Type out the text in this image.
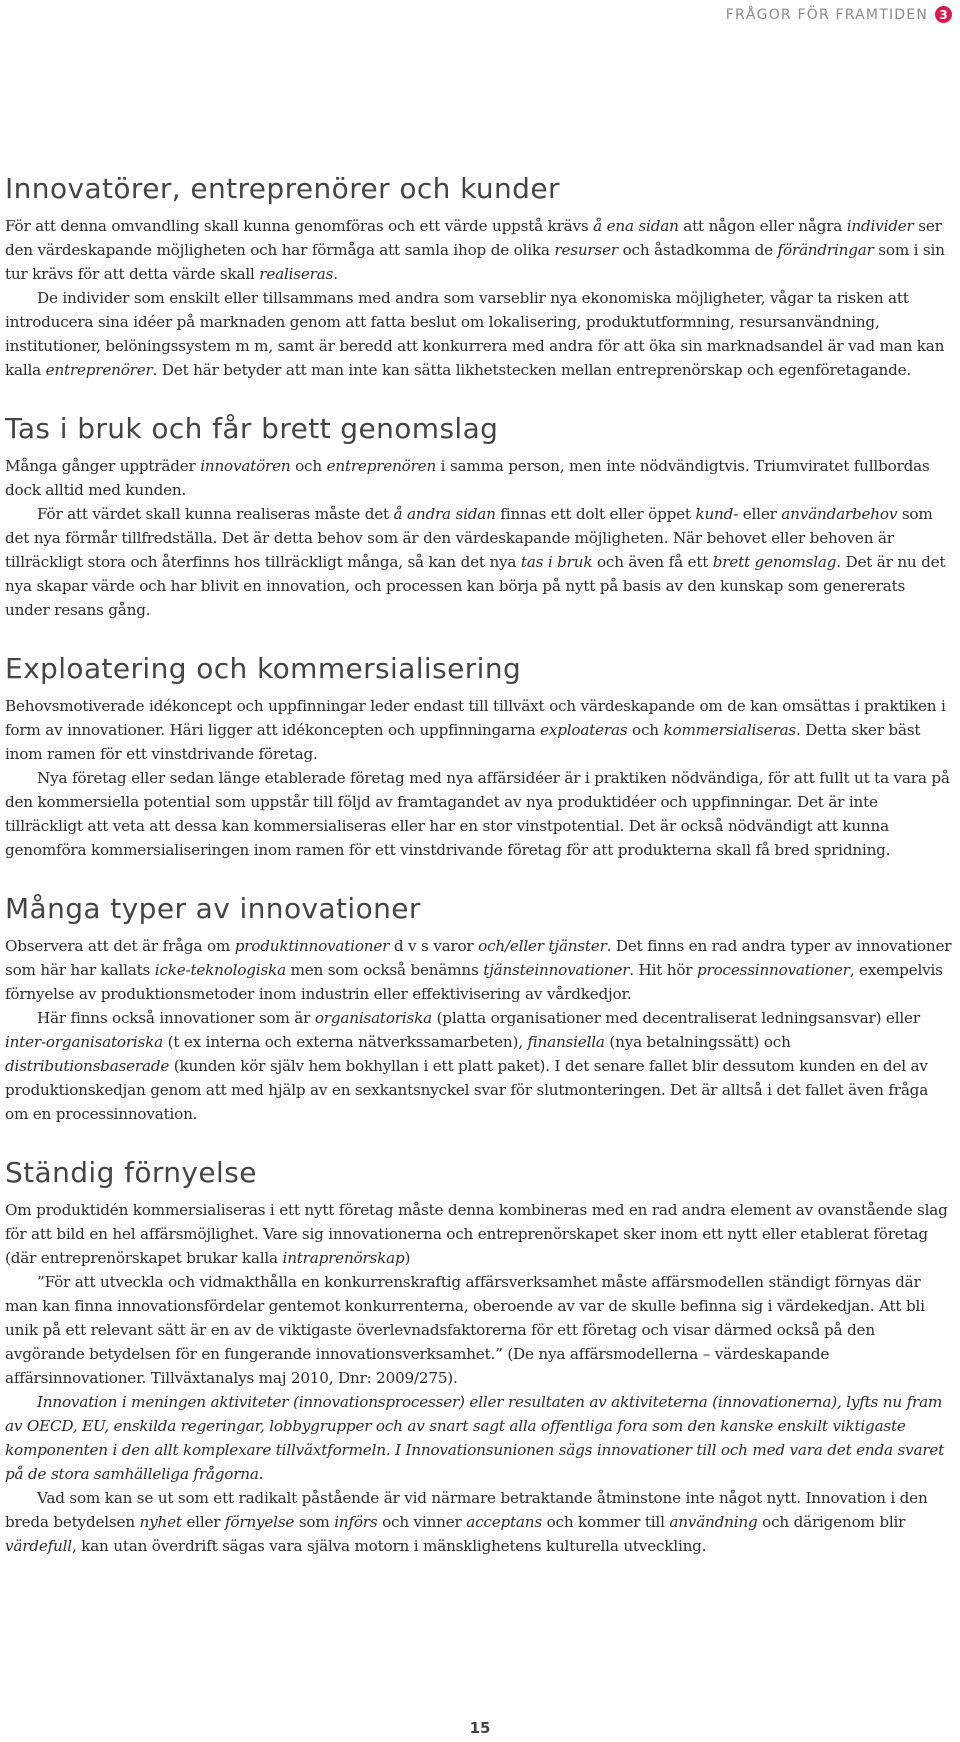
FRÅGOR FÖR FRAMTIDEN 3
Innovatörer, entreprenörer och kunder

För att denna omvandling skall kunna genomföras och ett värde uppstå krävs å ena sidan att någon eller några individer ser den värdeskapande möjligheten och har förmåga att samla ihop de olika resurser och åstadkomma de förändringar som i sin tur krävs för att detta värde skall realiseras.

De individer som enskilt eller tillsammans med andra som varseblir nya ekonomiska möjligheter, vågar ta risken att introducera sina idéer på marknaden genom att fatta beslut om lokalisering, produktutformning, resursanvändning, institutioner, belöningssystem m m, samt är beredd att konkurrera med andra för att öka sin marknadsandel är vad man kan kalla entreprenörer. Det här betyder att man inte kan sätta likhetstecken mellan entreprenörskap och egenföretagande.

Tas i bruk och får brett genomslag

Många gånger uppträder innovatören och entreprenören i samma person, men inte nödvändigtvis. Triumviratet fullbordas dock alltid med kunden.

För att värdet skall kunna realiseras måste det å andra sidan finnas ett dolt eller öppet kund- eller användarbehov som det nya förmår tillfredställa. Det är detta behov som är den värdeskapande möjligheten. När behovet eller behoven är tillräckligt stora och återfinns hos tillräckligt många, så kan det nya tas i bruk och även få ett brett genomslag. Det är nu det nya skapar värde och har blivit en innovation, och processen kan börja på nytt på basis av den kunskap som genererats under resans gång.

Exploatering och kommersialisering

Behovsmotiverade idékoncept och uppfinningar leder endast till tillväxt och värdeskapande om de kan omsättas i praktiken i form av innovationer. Häri ligger att idékoncepten och uppfinningarna exploateras och kommersialiseras. Detta sker bäst inom ramen för ett vinstdrivande företag.

Nya företag eller sedan länge etablerade företag med nya affärsidéer är i praktiken nödvändiga, för att fullt ut ta vara på den kommersiella potential som uppstår till följd av framtagandet av nya produktidéer och uppfinningar. Det är inte tillräckligt att veta att dessa kan kommersialiseras eller har en stor vinstpotential. Det är också nödvändigt att kunna genomföra kommersialiseringen inom ramen för ett vinstdrivande företag för att produkterna skall få bred spridning.

Många typer av innovationer

Observera att det är fråga om produktinnovationer d v s varor och/eller tjänster. Det finns en rad andra typer av innovationer som här har kallats icke-teknologiska men som också benämns tjänsteinnovationer. Hit hör processinnovationer, exempelvis förnyelse av produktionsmetoder inom industrin eller effektivisering av vårdkedjor.

Här finns också innovationer som är organisatoriska (platta organisationer med decentraliserat ledningsansvar) eller inter-organisatoriska (t ex interna och externa nätverkssamarbeten), finansiella (nya betalningssätt) och distributionsbaserade (kunden kör själv hem bokhyllan i ett platt paket). I det senare fallet blir dessutom kunden en del av produktionskedjan genom att med hjälp av en sexkantsnyckel svar för slutmonteringen. Det är alltså i det fallet även fråga om en processinnovation.

Ständig förnyelse

Om produktidén kommersialiseras i ett nytt företag måste denna kombineras med en rad andra element av ovanstående slag för att bild en hel affärsmöjlighet. Vare sig innovationerna och entreprenörskapet sker inom ett nytt eller etablerat företag (där entreprenörskapet brukar kalla intraprenörskap)

”För att utveckla och vidmakthålla en konkurrenskraftig affärsverksamhet måste affärsmodellen ständigt förnyas där man kan finna innovationsfördelar gentemot konkurrenterna, oberoende av var de skulle befinna sig i värdekedjan. Att bli unik på ett relevant sätt är en av de viktigaste överlevnadsfaktorerna för ett företag och visar därmed också på den avgörande betydelsen för en fungerande innovationsverksamhet.” (De nya affärsmodellerna – värdeskapande affärsinnovationer. Tillväxtanalys maj 2010, Dnr: 2009/275).

Innovation i meningen aktiviteter (innovationsprocesser) eller resultaten av aktiviteterna (innovationerna), lyfts nu fram av OECD, EU, enskilda regeringar, lobbygrupper och av snart sagt alla offentliga fora som den kanske enskilt viktigaste komponenten i den allt komplexare tillväxtformeln. I Innovationsunionen sägs innovationer till och med vara det enda svaret på de stora samhälleliga frågorna.

Vad som kan se ut som ett radikalt påstående är vid närmare betraktande åtminstone inte något nytt. Innovation i den breda betydelsen nyhet eller förnyelse som införs och vinner acceptans och kommer till användning och därigenom blir värdefull, kan utan överdrift sägas vara själva motorn i mänsklighetens kulturella utveckling.

15
